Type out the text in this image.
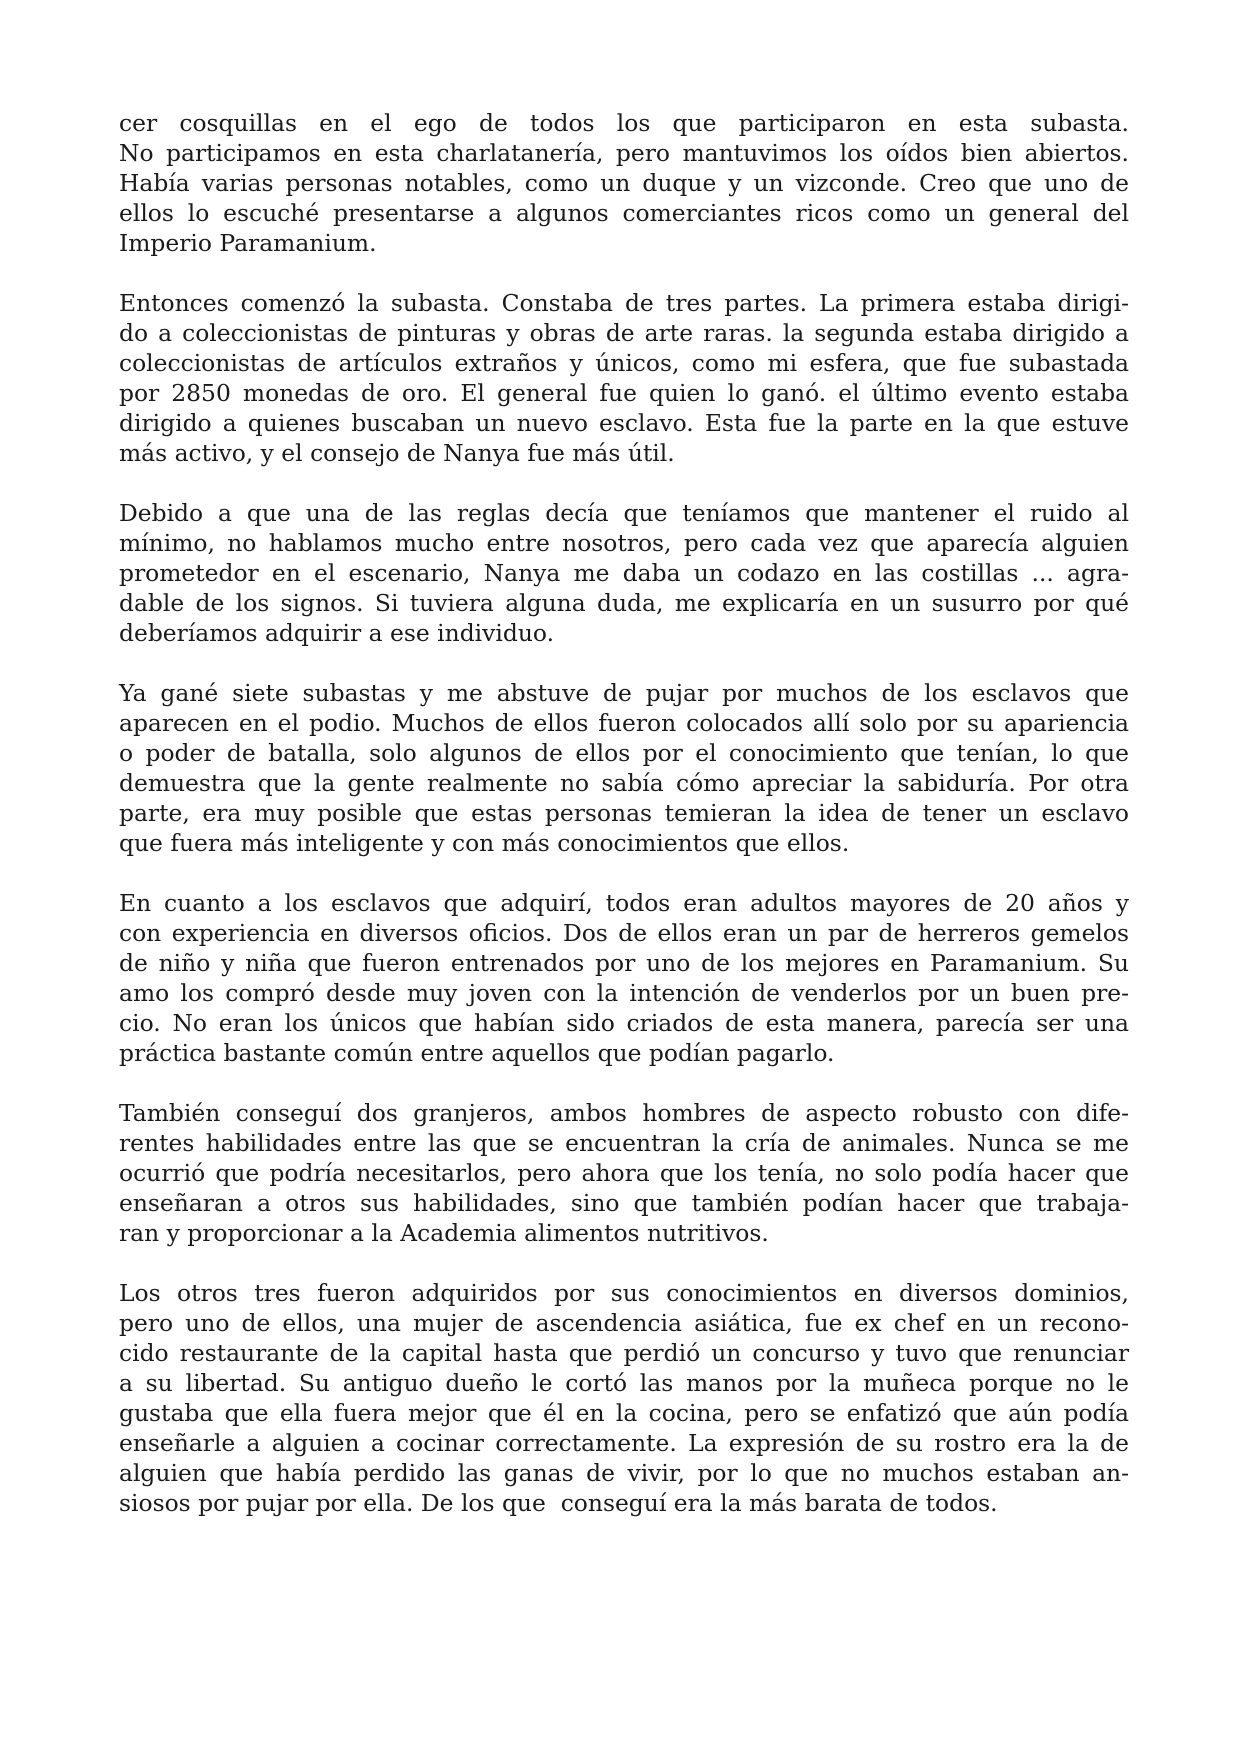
cer cosquillas en el ego de todos los que participaron en esta subasta.
No participamos en esta charlatanería, pero mantuvimos los oídos bien abiertos.
Había varias personas notables, como un duque y un vizconde. Creo que uno de
ellos lo escuché presentarse a algunos comerciantes ricos como un general del
Imperio Paramanium.
Entonces comenzó la subasta. Constaba de tres partes. La primera estaba dirigi-
do a coleccionistas de pinturas y obras de arte raras. la segunda estaba dirigido a
coleccionistas de artículos extraños y únicos, como mi esfera, que fue subastada
por 2850 monedas de oro. El general fue quien lo ganó. el último evento estaba
dirigido a quienes buscaban un nuevo esclavo. Esta fue la parte en la que estuve
más activo, y el consejo de Nanya fue más útil.
Debido a que una de las reglas decía que teníamos que mantener el ruido al
mínimo, no hablamos mucho entre nosotros, pero cada vez que aparecía alguien
prometedor en el escenario, Nanya me daba un codazo en las costillas ... agra-
dable de los signos. Si tuviera alguna duda, me explicaría en un susurro por qué
deberíamos adquirir a ese individuo.
Ya gané siete subastas y me abstuve de pujar por muchos de los esclavos que
aparecen en el podio. Muchos de ellos fueron colocados allí solo por su apariencia
o poder de batalla, solo algunos de ellos por el conocimiento que tenían, lo que
demuestra que la gente realmente no sabía cómo apreciar la sabiduría. Por otra
parte, era muy posible que estas personas temieran la idea de tener un esclavo
que fuera más inteligente y con más conocimientos que ellos.
En cuanto a los esclavos que adquirí, todos eran adultos mayores de 20 años y
con experiencia en diversos oficios. Dos de ellos eran un par de herreros gemelos
de niño y niña que fueron entrenados por uno de los mejores en Paramanium. Su
amo los compró desde muy joven con la intención de venderlos por un buen pre-
cio. No eran los únicos que habían sido criados de esta manera, parecía ser una
práctica bastante común entre aquellos que podían pagarlo.
También conseguí dos granjeros, ambos hombres de aspecto robusto con dife-
rentes habilidades entre las que se encuentran la cría de animales. Nunca se me
ocurrió que podría necesitarlos, pero ahora que los tenía, no solo podía hacer que
enseñaran a otros sus habilidades, sino que también podían hacer que trabaja-
ran y proporcionar a la Academia alimentos nutritivos.
Los otros tres fueron adquiridos por sus conocimientos en diversos dominios,
pero uno de ellos, una mujer de ascendencia asiática, fue ex chef en un recono-
cido restaurante de la capital hasta que perdió un concurso y tuvo que renunciar
a su libertad. Su antiguo dueño le cortó las manos por la muñeca porque no le
gustaba que ella fuera mejor que él en la cocina, pero se enfatizó que aún podía
enseñarle a alguien a cocinar correctamente. La expresión de su rostro era la de
alguien que había perdido las ganas de vivir, por lo que no muchos estaban an-
siosos por pujar por ella. De los que  conseguí era la más barata de todos.
